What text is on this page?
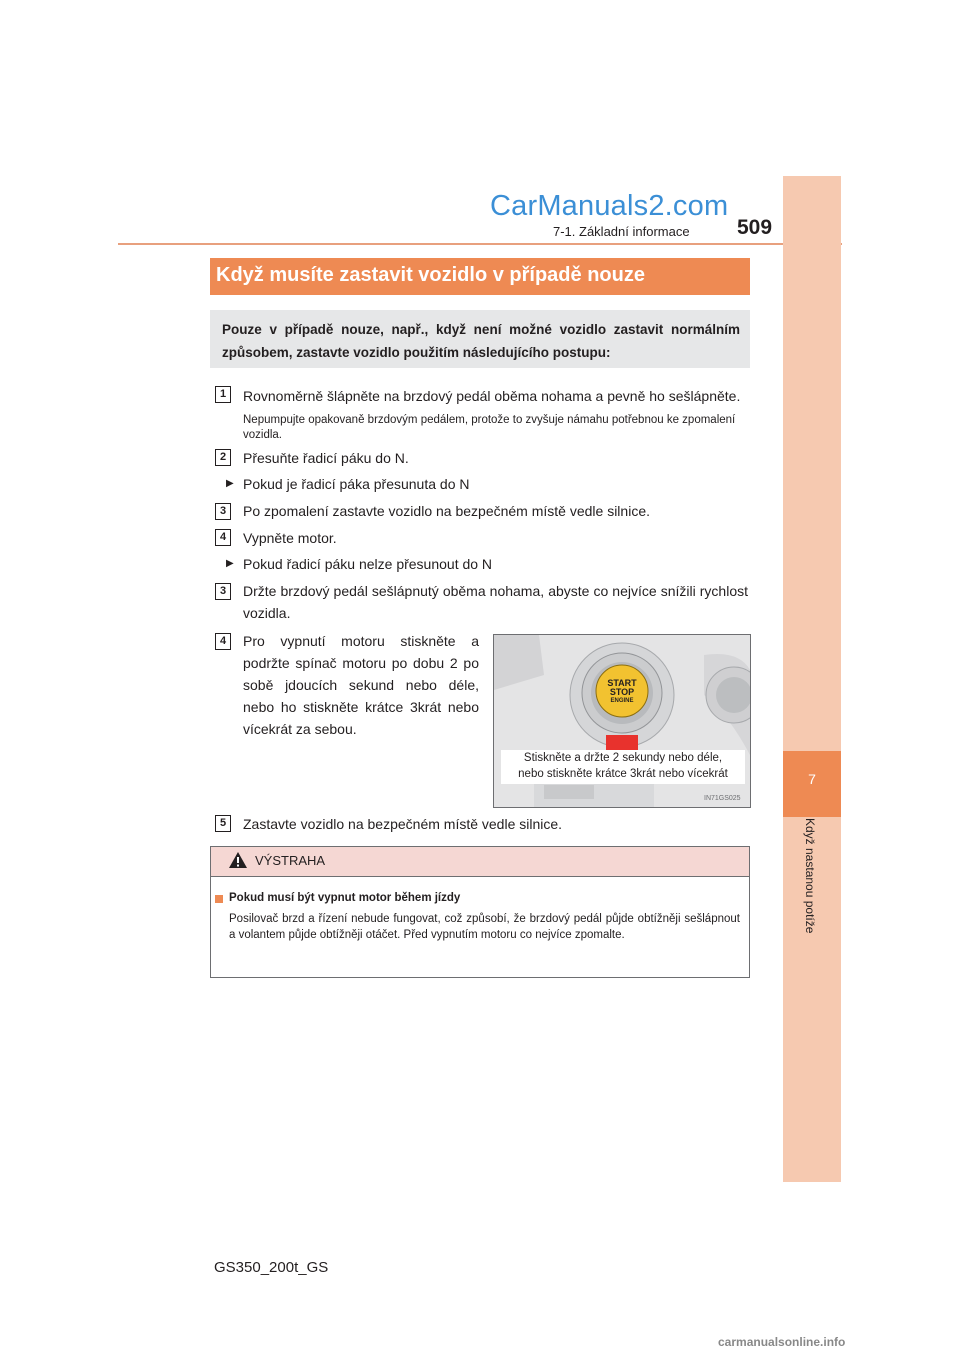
CarManuals2.com
7-1. Základní informace 509
7
Když nastanou potíže
Když musíte zastavit vozidlo v případě nouze
Pouze v případě nouze, např., když není možné vozidlo zastavit normálním způsobem, zastavte vozidlo použitím následujícího postupu:
1	Rovnoměrně šlápněte na brzdový pedál oběma nohama a pevně ho sešlápněte.
Nepumpujte opakovaně brzdovým pedálem, protože to zvyšuje námahu potřebnou ke zpomalení vozidla.
2	Přesuňte řadicí páku do N.
▶ Pokud je řadicí páka přesunuta do N
3	Po zpomalení zastavte vozidlo na bezpečném místě vedle silnice.
4	Vypněte motor.
▶ Pokud řadicí páku nelze přesunout do N
3	Držte brzdový pedál sešlápnutý oběma nohama, abyste co nejvíce snížili rychlost vozidla.
4	Pro vypnutí motoru stiskněte a podržte spínač motoru po dobu 2 po sobě jdoucích sekund nebo déle, nebo ho stiskněte krátce 3krát nebo vícekrát za sebou.
START
STOP
ENGINE
Stiskněte a držte 2 sekundy nebo déle,
nebo stiskněte krátce 3krát nebo vícekrát
IN71GS025
5	Zastavte vozidlo na bezpečném místě vedle silnice.
VÝSTRAHA
Pokud musí být vypnut motor během jízdy
Posilovač brzd a řízení nebude fungovat, což způsobí, že brzdový pedál půjde obtížněji sešlápnout a volantem půjde obtížněji otáčet. Před vypnutím motoru co nejvíce zpomalte.
GS350_200t_GS
carmanualsonline.info
